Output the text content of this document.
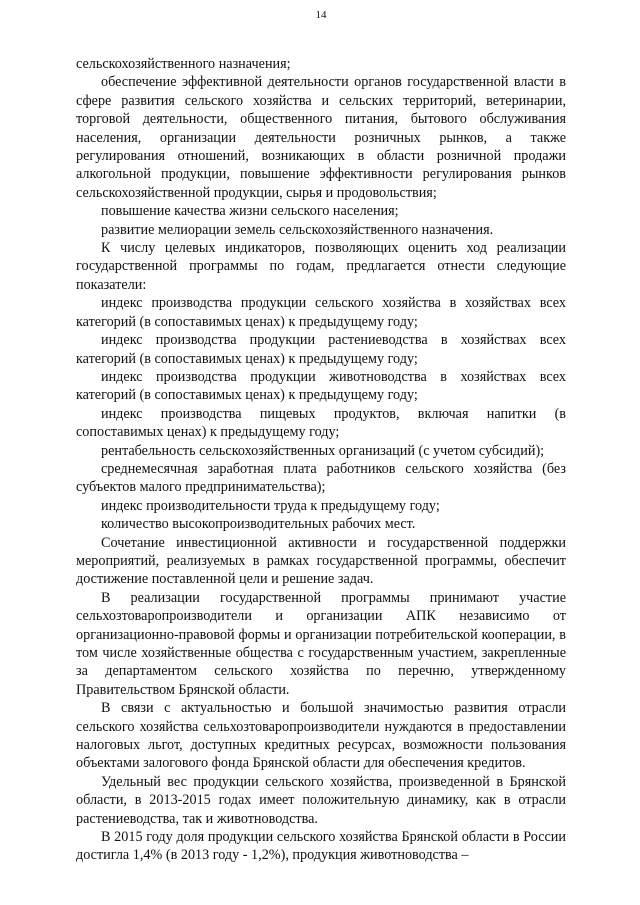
14

сельскохозяйственного назначения;

обеспечение эффективной деятельности органов государственной власти в сфере развития сельского хозяйства и сельских территорий, ветеринарии, торговой деятельности, общественного питания, бытового обслуживания населения, организации деятельности розничных рынков, а также регулирования отношений, возникающих в области розничной продажи алкогольной продукции, повышение эффективности регулирования рынков сельскохозяйственной продукции, сырья и продовольствия;

повышение качества жизни сельского населения;

развитие мелиорации земель сельскохозяйственного назначения.

К числу целевых индикаторов, позволяющих оценить ход реализации государственной программы по годам, предлагается отнести следующие показатели:

индекс производства продукции сельского хозяйства в хозяйствах всех категорий (в сопоставимых ценах) к предыдущему году;

индекс производства продукции растениеводства в хозяйствах всех категорий (в сопоставимых ценах) к предыдущему году;

индекс производства продукции животноводства в хозяйствах всех категорий (в сопоставимых ценах) к предыдущему году;

индекс производства пищевых продуктов, включая напитки (в сопоставимых ценах) к предыдущему году;

рентабельность сельскохозяйственных организаций (с учетом субсидий);

среднемесячная заработная плата работников сельского хозяйства (без субъектов малого предпринимательства);

индекс производительности труда к предыдущему году;

количество высокопроизводительных рабочих мест.

Сочетание инвестиционной активности и государственной поддержки мероприятий, реализуемых в рамках государственной программы, обеспечит достижение поставленной цели и решение задач.

В реализации государственной программы принимают участие сельхозтоваропроизводители и организации АПК независимо от организационно-правовой формы и организации потребительской кооперации, в том числе хозяйственные общества с государственным участием, закрепленные за департаментом сельского хозяйства по перечню, утвержденному Правительством Брянской области.

В связи с актуальностью и большой значимостью развития отрасли сельского хозяйства сельхозтоваропроизводители нуждаются в предоставлении налоговых льгот, доступных кредитных ресурсах, возможности пользования объектами залогового фонда Брянской области для обеспечения кредитов.

Удельный вес продукции сельского хозяйства, произведенной в Брянской области, в 2013-2015 годах имеет положительную динамику, как в отрасли растениеводства, так и животноводства.

В 2015 году доля продукции сельского хозяйства Брянской области в России достигла 1,4% (в 2013 году - 1,2%), продукция животноводства –
